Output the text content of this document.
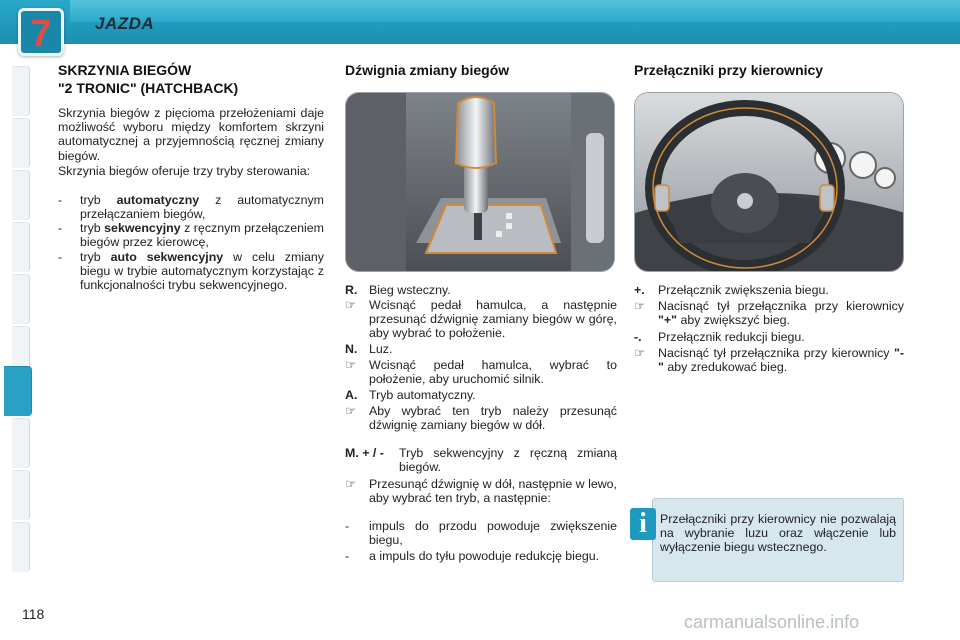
7	JAZDA
SKRZYNIA BIEGÓW
"2 TRONIC" (HATCHBACK)
Skrzynia biegów z pięcioma przełożeniami daje możliwość wyboru między komfortem skrzyni automatycznej a przyjemnością ręcznej zmiany biegów.
Skrzynia biegów oferuje trzy tryby sterowania:
- tryb automatyczny z automatycznym przełączaniem biegów,
- tryb sekwencyjny z ręcznym przełączeniem biegów przez kierowcę,
- tryb auto sekwencyjny w celu zmiany biegu w trybie automatycznym korzystając z funkcjonalności trybu sekwencyjnego.
Dźwignia zmiany biegów
R. Bieg wsteczny.
☞ Wcisnąć pedał hamulca, a następnie przesunąć dźwignię zamiany biegów w górę, aby wybrać to położenie.
N. Luz.
☞ Wcisnąć pedał hamulca, wybrać to położenie, aby uruchomić silnik.
A. Tryb automatyczny.
☞ Aby wybrać ten tryb należy przesunąć dźwignię zamiany biegów w dół.
M. + / - Tryb sekwencyjny z ręczną zmianą biegów.
☞ Przesunąć dźwignię w dół, następnie w lewo, aby wybrać ten tryb, a następnie:
- impuls do przodu powoduje zwiększenie biegu,
- a impuls do tyłu powoduje redukcję biegu.
Przełączniki przy kierownicy
+. Przełącznik zwiększenia biegu.
☞ Nacisnąć tył przełącznika przy kierownicy "+" aby zwiększyć bieg.
-. Przełącznik redukcji biegu.
☞ Nacisnąć tył przełącznika przy kierownicy "-" aby zredukować bieg.
i	Przełączniki przy kierownicy nie pozwalają na wybranie luzu oraz włączenie lub wyłączenie biegu wstecznego.
118	carmanualsonline.info
